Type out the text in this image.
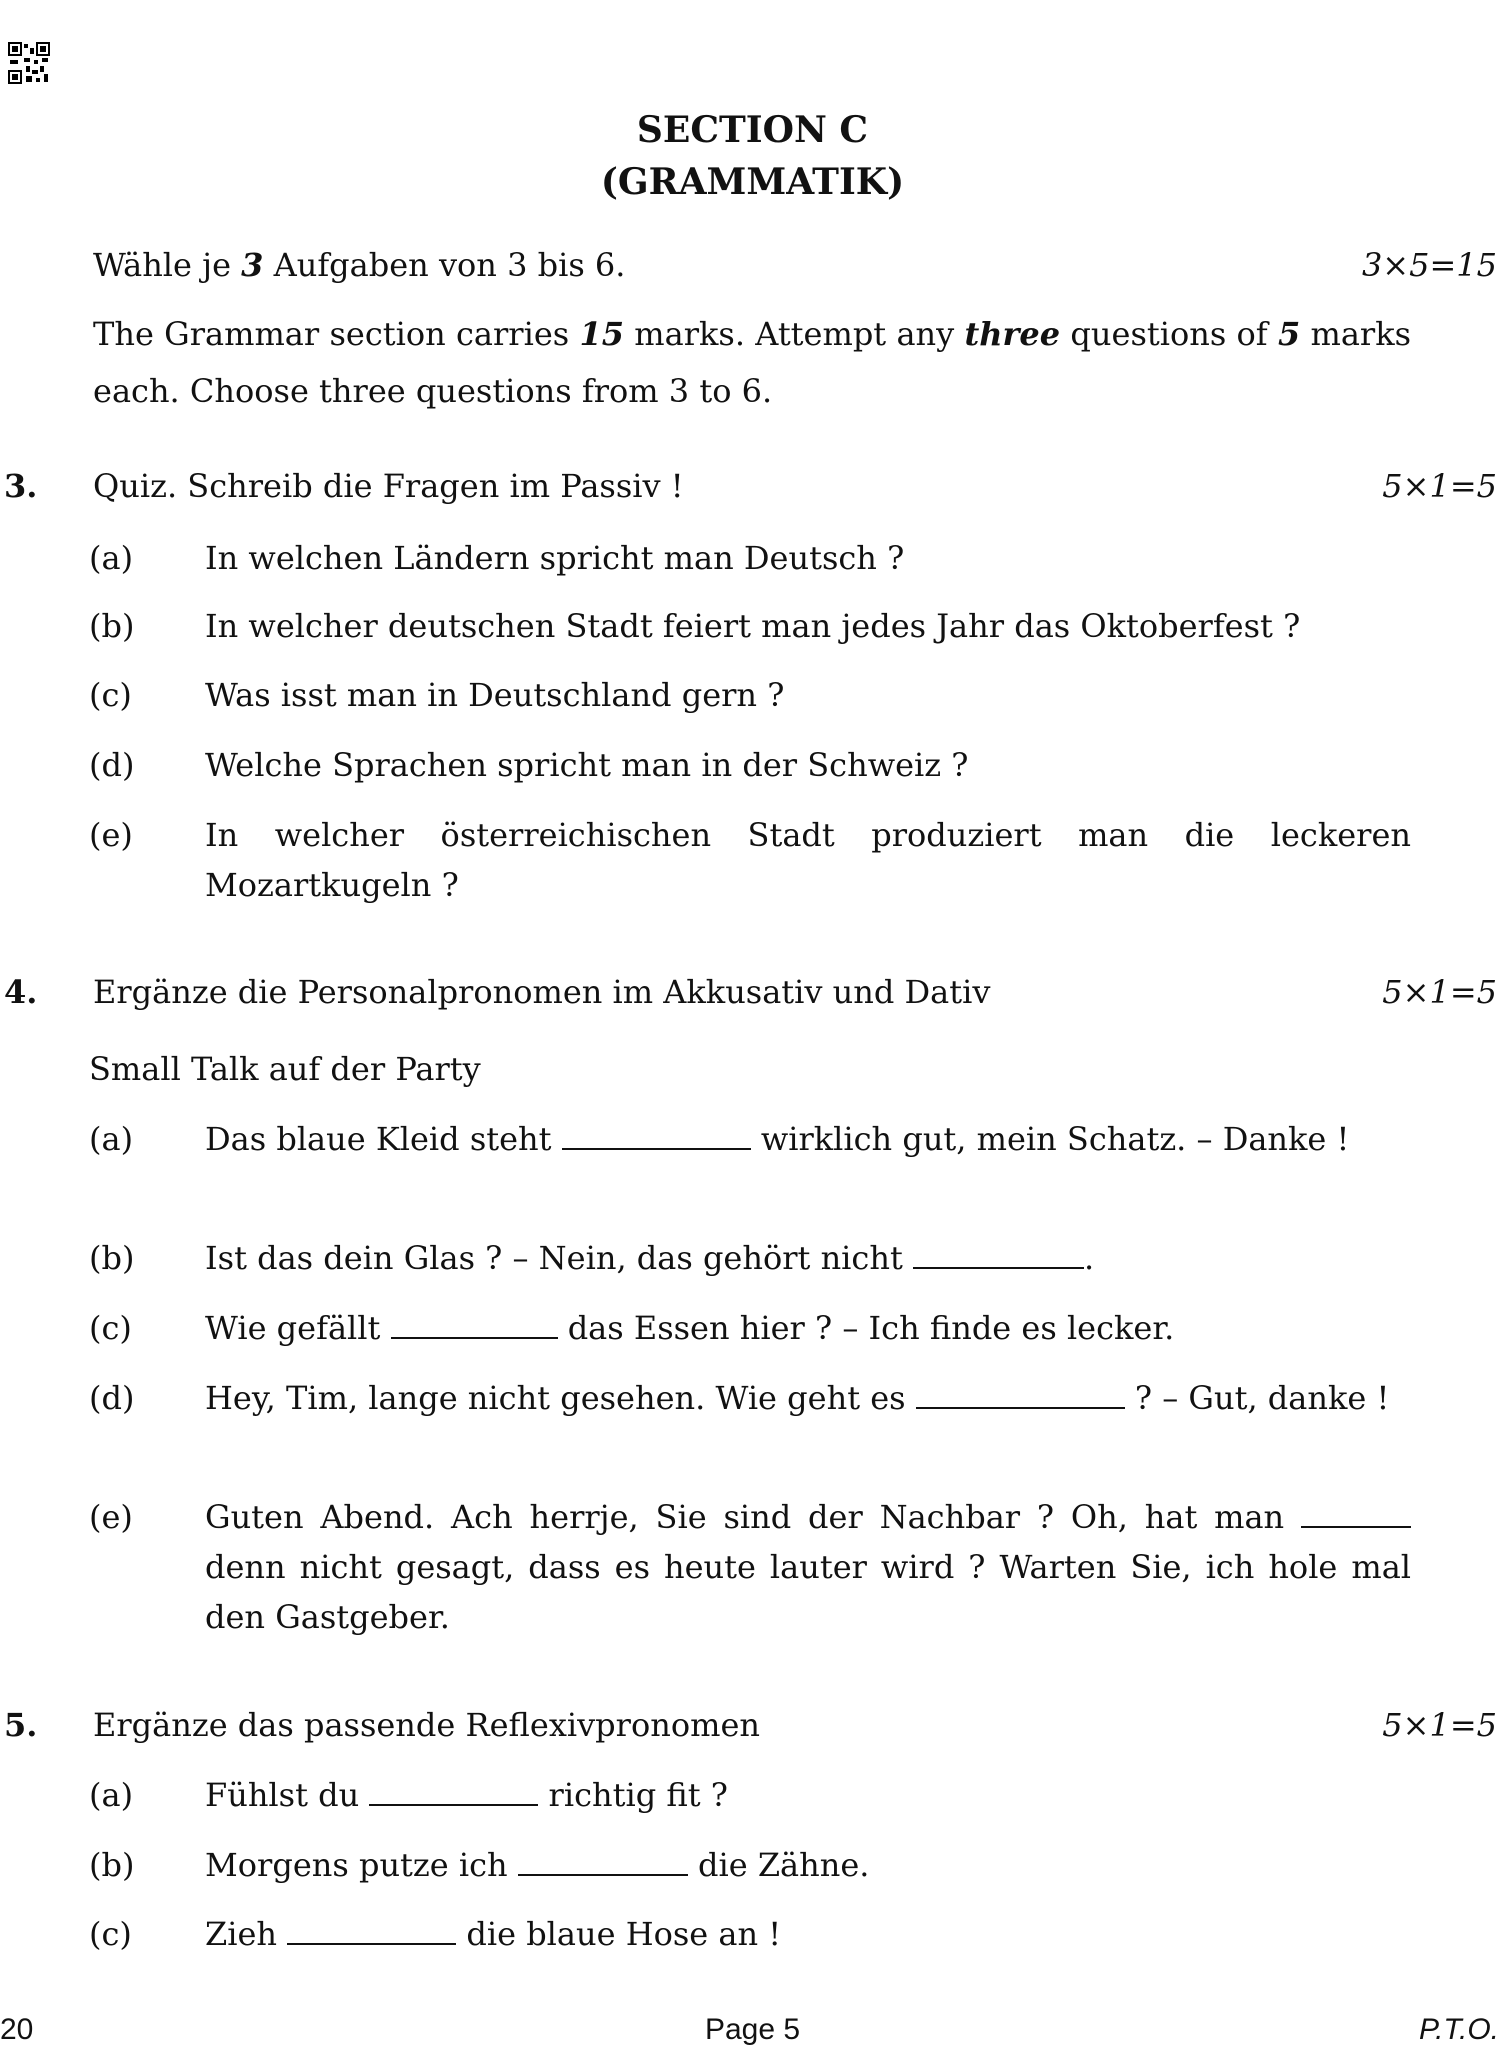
SECTION C
(GRAMMATIK)
Wähle je 3 Aufgaben von 3 bis 6.	3×5=15
The Grammar section carries 15 marks. Attempt any three questions of 5 marks each. Choose three questions from 3 to 6.
3. Quiz. Schreib die Fragen im Passiv !	5×1=5
(a) In welchen Ländern spricht man Deutsch ?
(b) In welcher deutschen Stadt feiert man jedes Jahr das Oktoberfest ?
(c) Was isst man in Deutschland gern ?
(d) Welche Sprachen spricht man in der Schweiz ?
(e) In welcher österreichischen Stadt produziert man die leckeren Mozartkugeln ?
4. Ergänze die Personalpronomen im Akkusativ und Dativ	5×1=5
Small Talk auf der Party
(a) Das blaue Kleid steht	wirklich gut, mein Schatz. – Danke !
(b) Ist das dein Glas ? – Nein, das gehört nicht	.
(c) Wie gefällt	das Essen hier ? – Ich finde es lecker.
(d) Hey, Tim, lange nicht gesehen. Wie geht es	? – Gut, danke !
(e) Guten Abend. Ach herrje, Sie sind der Nachbar ? Oh, hat man  denn nicht gesagt, dass es heute lauter wird ? Warten Sie, ich hole mal den Gastgeber.
5. Ergänze das passende Reflexivpronomen	5×1=5
(a) Fühlst du	richtig fit ?
(b) Morgens putze ich	die Zähne.
(c) Zieh	die blaue Hose an !
20	Page 5	P.T.O.
